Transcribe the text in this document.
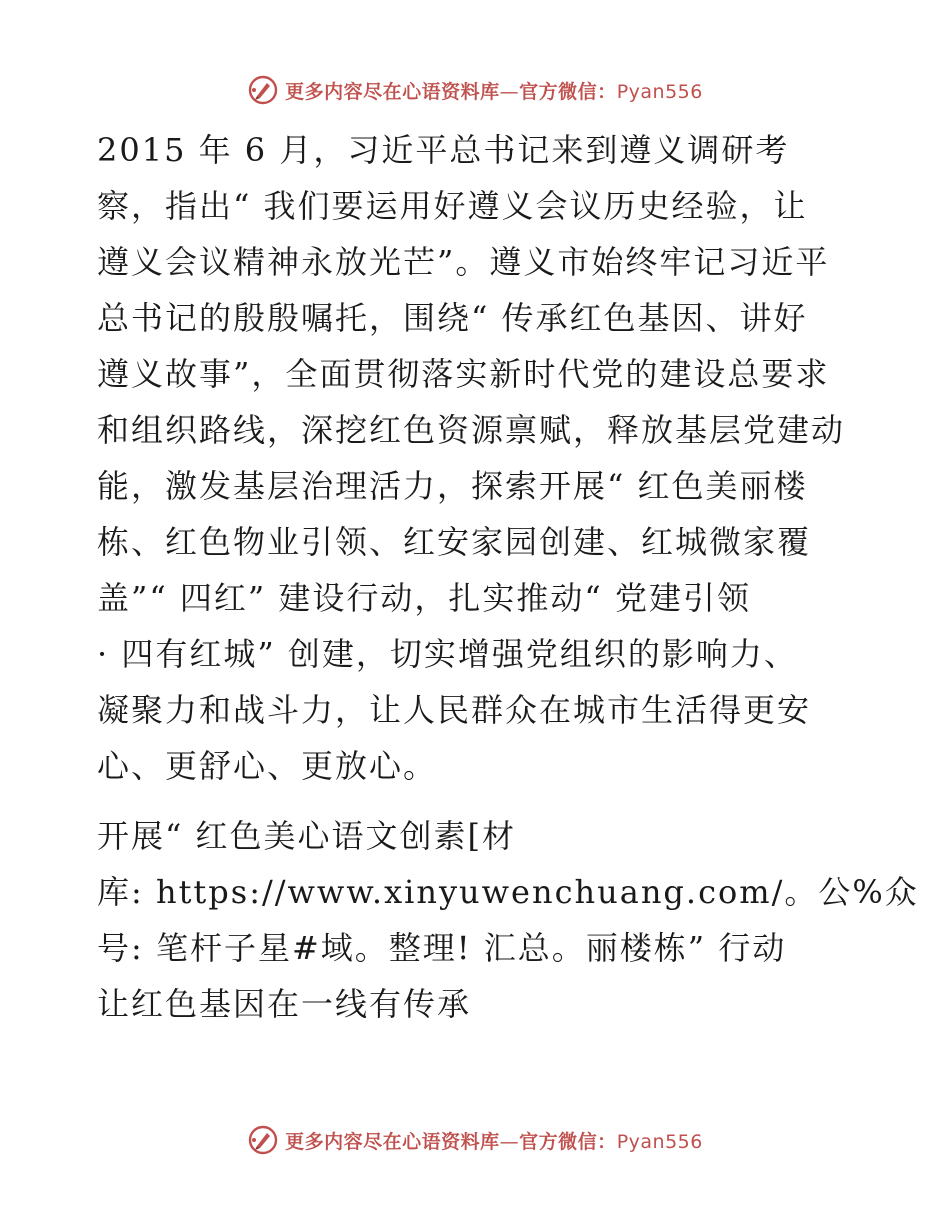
更多内容尽在心语资料库—官方微信：Pyan556
2015 年 6 月，习近平总书记来到遵义调研考
察，指出“ 我们要运用好遵义会议历史经验，让
遵义会议精神永放光芒”。遵义市始终牢记习近平
总书记的殷殷嘱托，围绕“ 传承红色基因、讲好
遵义故事”，全面贯彻落实新时代党的建设总要求
和组织路线，深挖红色资源禀赋，释放基层党建动
能，激发基层治理活力，探索开展“ 红色美丽楼
栋、红色物业引领、红安家园创建、红城微家覆
盖”“ 四红” 建设行动，扎实推动“ 党建引领
· 四有红城” 创建，切实增强党组织的影响力、
凝聚力和战斗力，让人民群众在城市生活得更安
心、更舒心、更放心。
开展“ 红色美心语文创素[材
库: https://www.xinyuwenchuang.com/。公%众
号: 笔杆子星#域。整理! 汇总。丽楼栋” 行动
让红色基因在一线有传承
更多内容尽在心语资料库—官方微信：Pyan556
